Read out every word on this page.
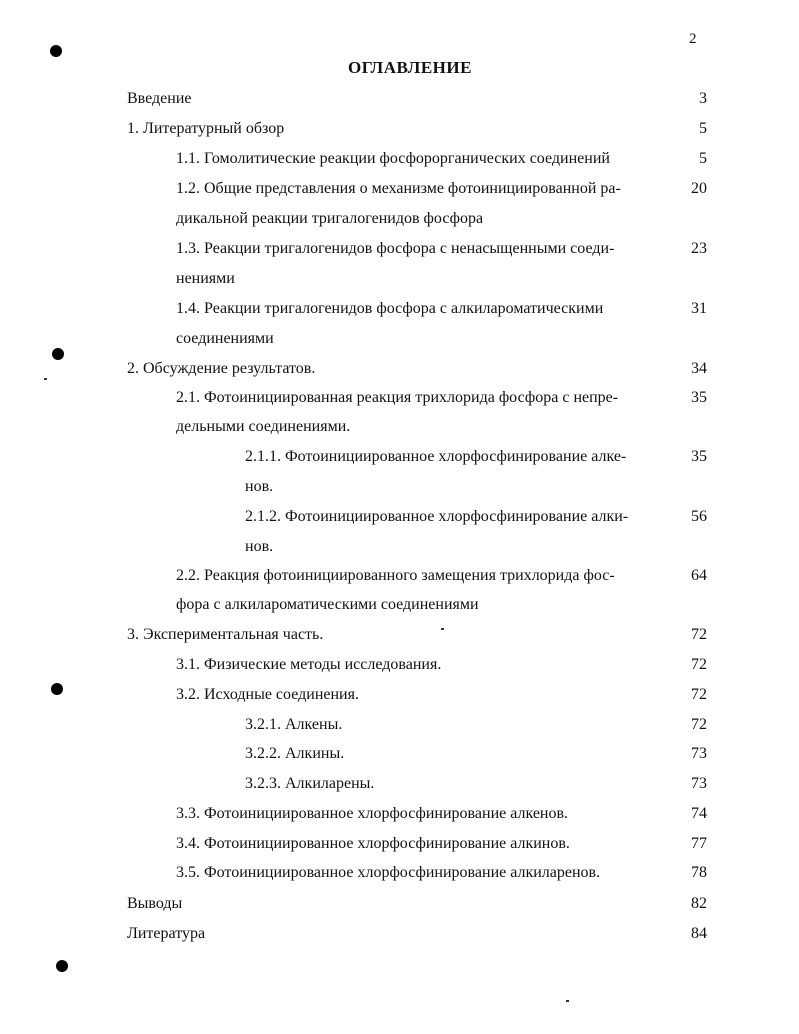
2
ОГЛАВЛЕНИЕ
Введение	3
1. Литературный обзор	5
1.1. Гомолитические реакции фосфорорганических соединений	5
1.2. Общие представления о механизме фотоинициированной ра-	20
дикальной реакции тригалогенидов фосфора
1.3. Реакции тригалогенидов фосфора с ненасыщенными соеди-	23
нениями
1.4. Реакции тригалогенидов фосфора с алкилароматическими	31
соединениями
2. Обсуждение результатов.	34
2.1. Фотоинициированная реакция трихлорида фосфора с непре-	35
дельными соединениями.
2.1.1. Фотоинициированное хлорфосфинирование алке-	35
нов.
2.1.2. Фотоинициированное хлорфосфинирование алки-	56
нов.
2.2. Реакция фотоинициированного замещения трихлорида фос-	64
фора с алкилароматическими соединениями
3. Экспериментальная часть.	72
3.1. Физические методы исследования.	72
3.2. Исходные соединения.	72
3.2.1. Алкены.	72
3.2.2. Алкины.	73
3.2.3. Алкиларены.	73
3.3. Фотоинициированное хлорфосфинирование алкенов.	74
3.4. Фотоинициированное хлорфосфинирование алкинов.	77
3.5. Фотоинициированное хлорфосфинирование алкиларенов.	78
Выводы	82
Литература	84
